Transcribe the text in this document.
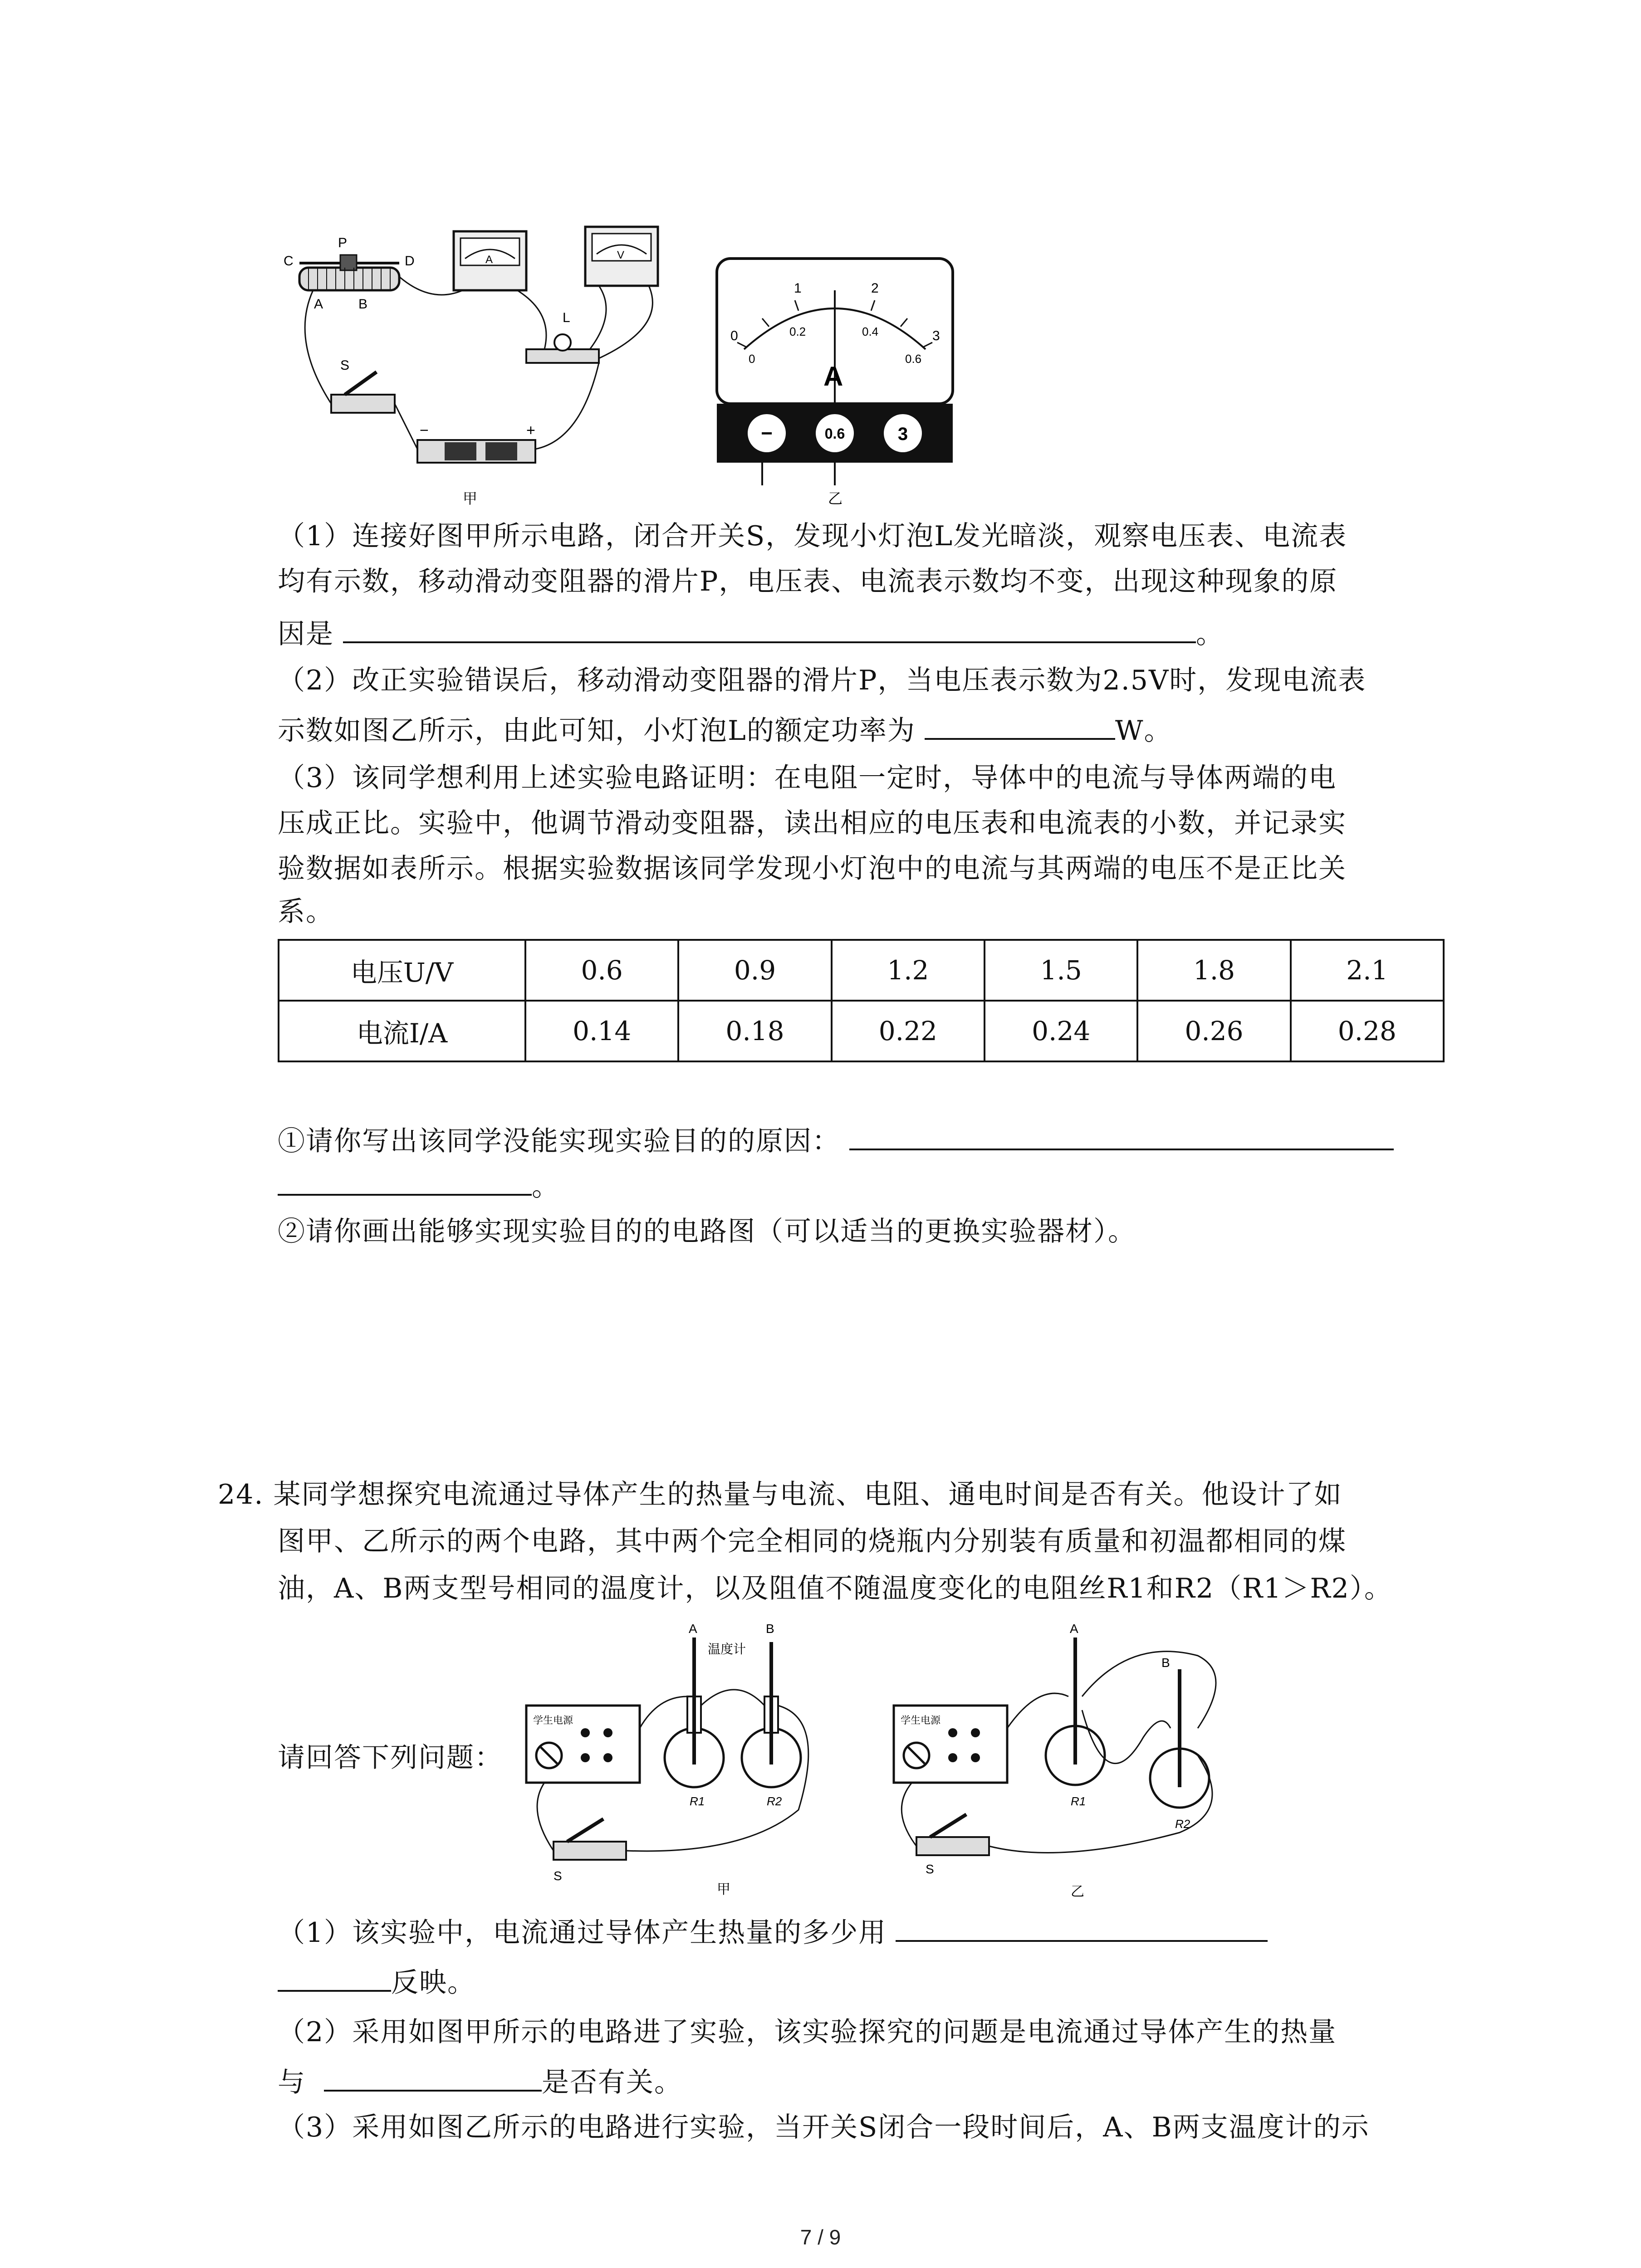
C
P
D
A	B
A	V
L
S
−	+
甲
0
1	2
3
0
0.2	0.4
0.6
A
−	0.6	3
乙
（1）连接好图甲所示电路，闭合开关S，发现小灯泡L发光暗淡，观察电压表、电流表
均有示数，移动滑动变阻器的滑片P，电压表、电流表示数均不变，出现这种现象的原
因是	。
（2）改正实验错误后，移动滑动变阻器的滑片P，当电压表示数为2.5V时，发现电流表
示数如图乙所示，由此可知，小灯泡L的额定功率为	W。
（3）该同学想利用上述实验电路证明：在电阻一定时，导体中的电流与导体两端的电
压成正比。实验中，他调节滑动变阻器，读出相应的电压表和电流表的小数，并记录实
验数据如表所示。根据实验数据该同学发现小灯泡中的电流与其两端的电压不是正比关
系。
电压U/V	0.6	0.9	1.2	1.5	1.8	2.1
电流I/A	0.14	0.18	0.22	0.24	0.26	0.28
①请你写出该同学没能实现实验目的的原因：
。
②请你画出能够实现实验目的的电路图（可以适当的更换实验器材）。
24. 某同学想探究电流通过导体产生的热量与电流、电阻、通电时间是否有关。他设计了如
图甲、乙所示的两个电路，其中两个完全相同的烧瓶内分别装有质量和初温都相同的煤
油，A、B两支型号相同的温度计，以及阻值不随温度变化的电阻丝R1和R2（R1＞R2）。
请回答下列问题：
学生电源
A	B
温度计
R1	R2
S
甲
学生电源
A
B
R1
R2
S
乙
（1）该实验中，电流通过导体产生热量的多少用
反映。
（2）采用如图甲所示的电路进了实验，该实验探究的问题是电流通过导体产生的热量
与	是否有关。
（3）采用如图乙所示的电路进行实验，当开关S闭合一段时间后，A、B两支温度计的示
7 / 9
